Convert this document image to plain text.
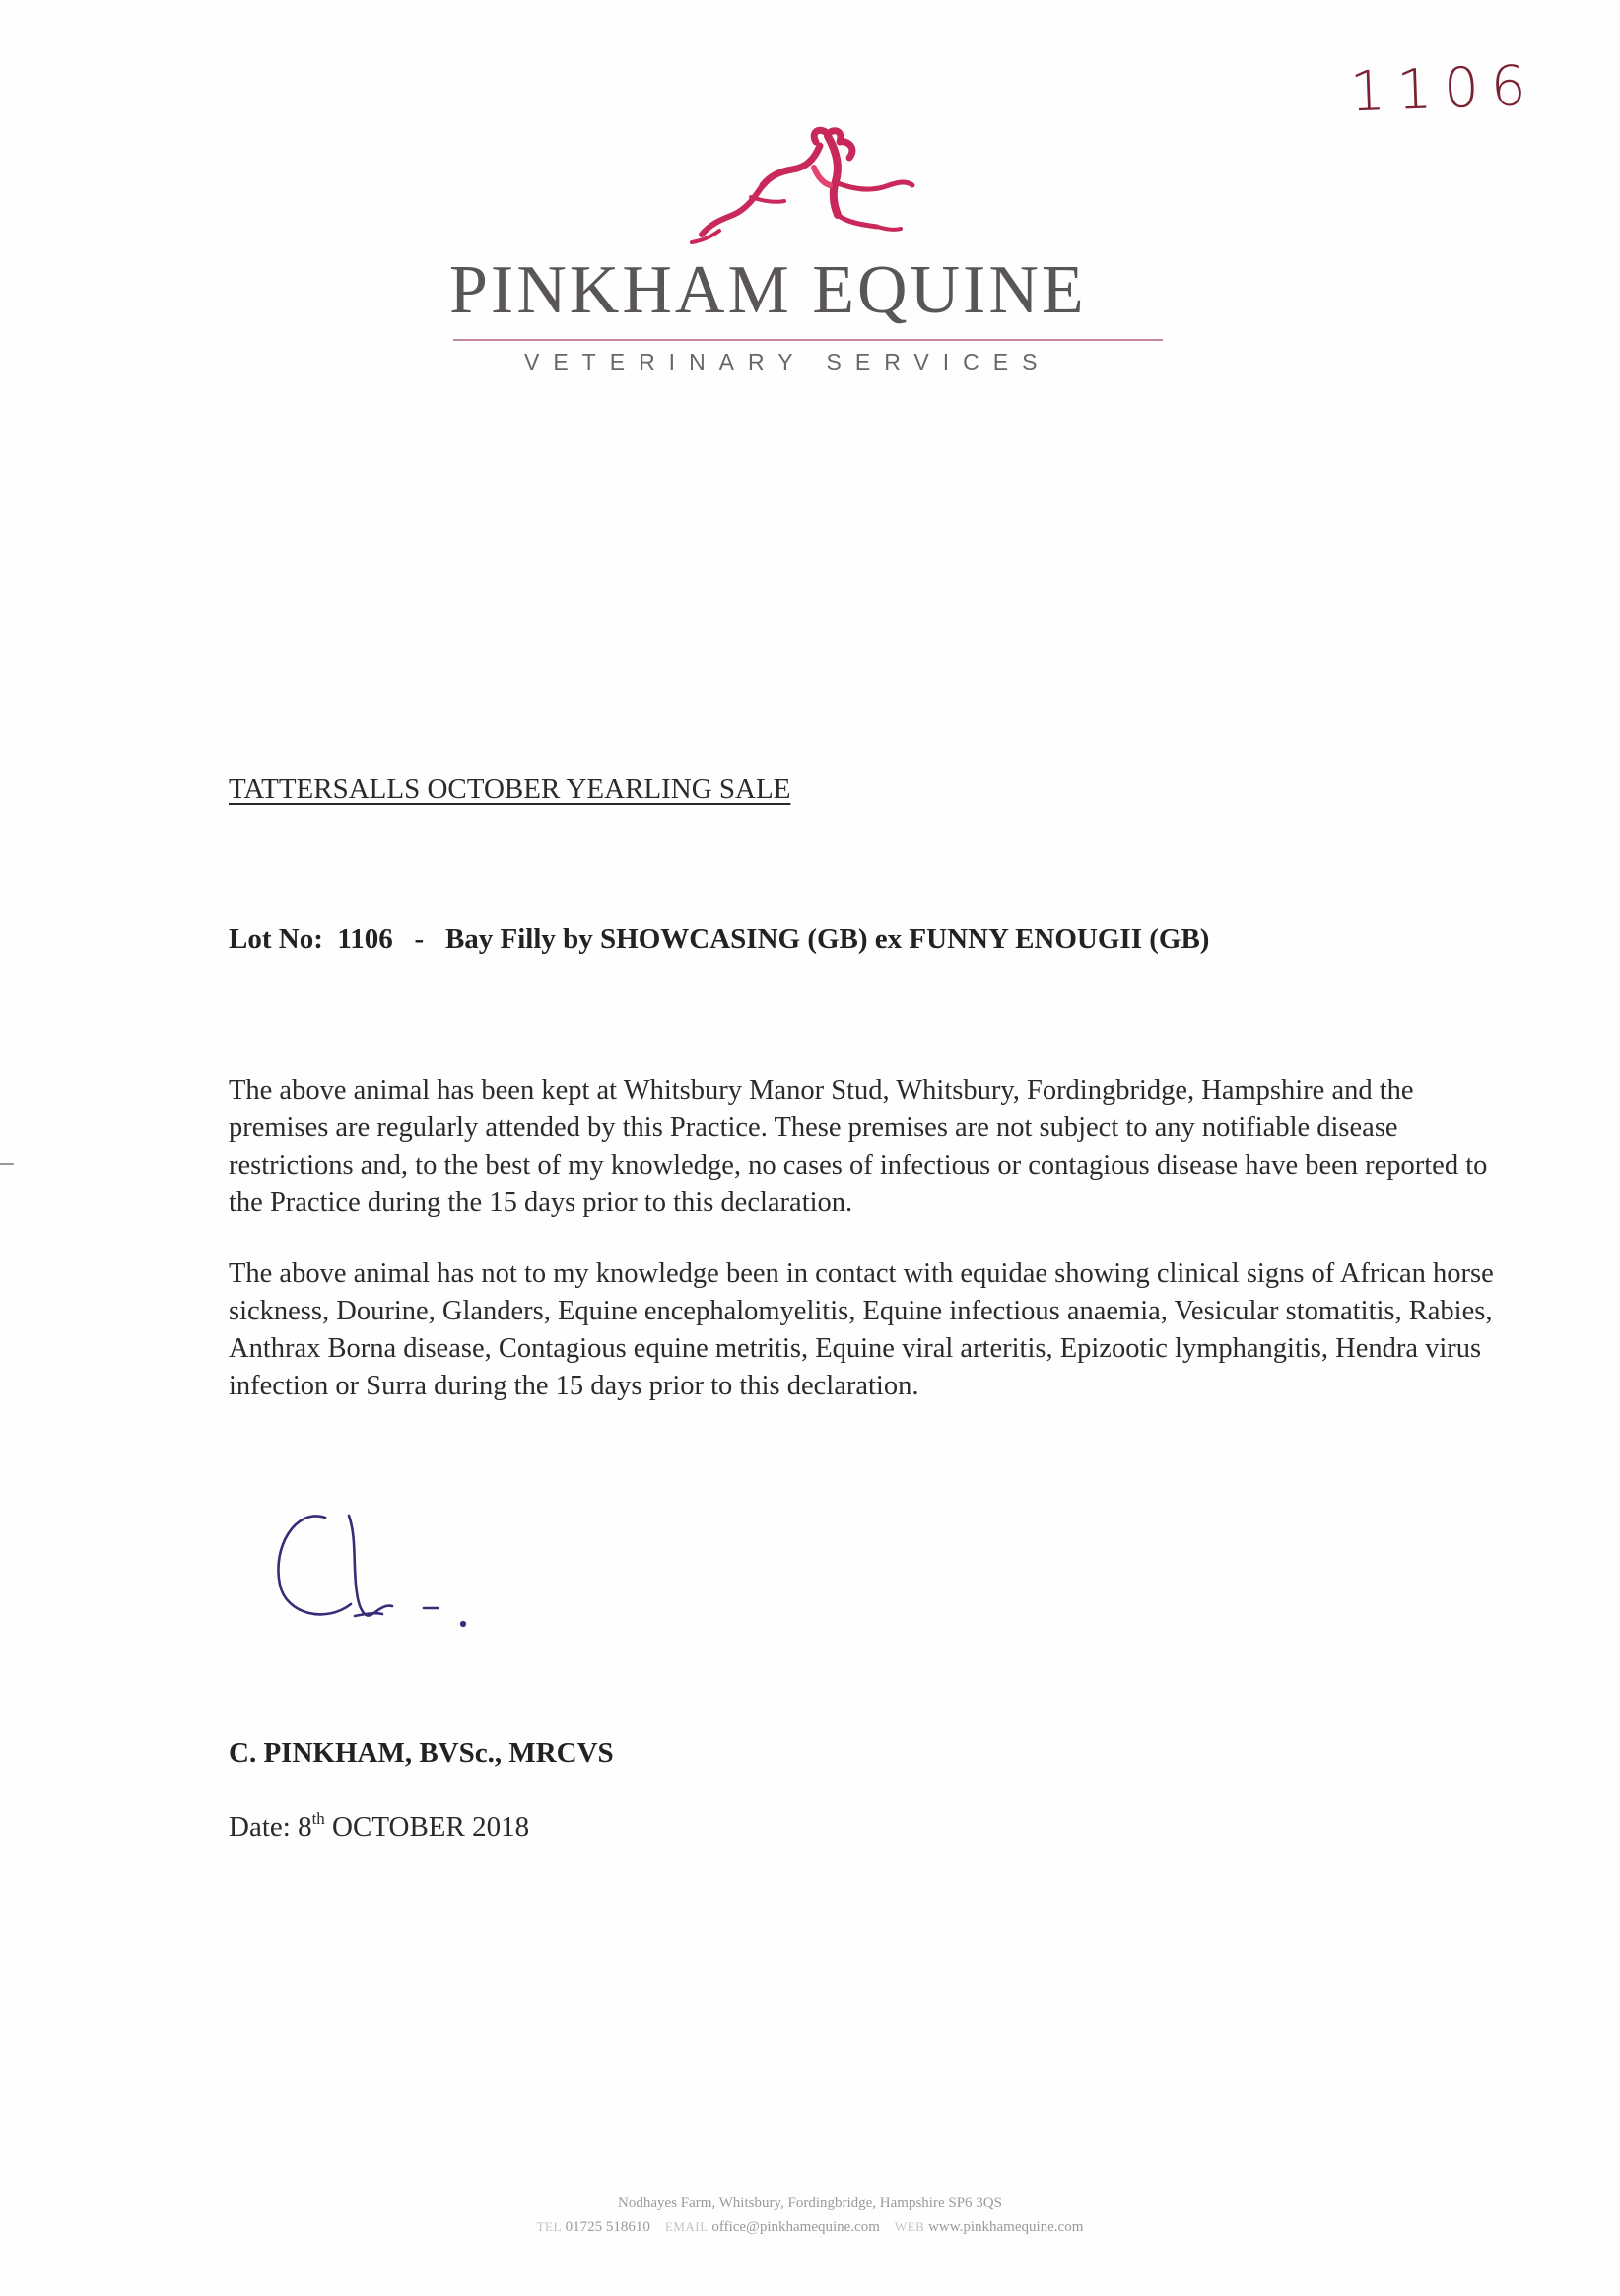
1106
PINKHAM EQUINE
VETERINARY SERVICES
TATTERSALLS OCTOBER YEARLING SALE
Lot No: 1106 - Bay Filly by SHOWCASING (GB) ex FUNNY ENOUGII (GB)

The above animal has been kept at Whitsbury Manor Stud, Whitsbury, Fordingbridge, Hampshire and the premises are regularly attended by this Practice. These premises are not subject to any notifiable disease restrictions and, to the best of my knowledge, no cases of infectious or contagious disease have been reported to the Practice during the 15 days prior to this declaration.

The above animal has not to my knowledge been in contact with equidae showing clinical signs of African horse sickness, Dourine, Glanders, Equine encephalomyelitis, Equine infectious anaemia, Vesicular stomatitis, Rabies, Anthrax Borna disease, Contagious equine metritis, Equine viral arteritis, Epizootic lymphangitis, Hendra virus infection or Surra during the 15 days prior to this declaration.

C. PINKHAM, BVSc., MRCVS
Date: 8th OCTOBER 2018
Nodhayes Farm, Whitsbury, Fordingbridge, Hampshire SP6 3QS
TEL 01725 518610 EMAIL office@pinkhamequine.com WEB www.pinkhamequine.com
